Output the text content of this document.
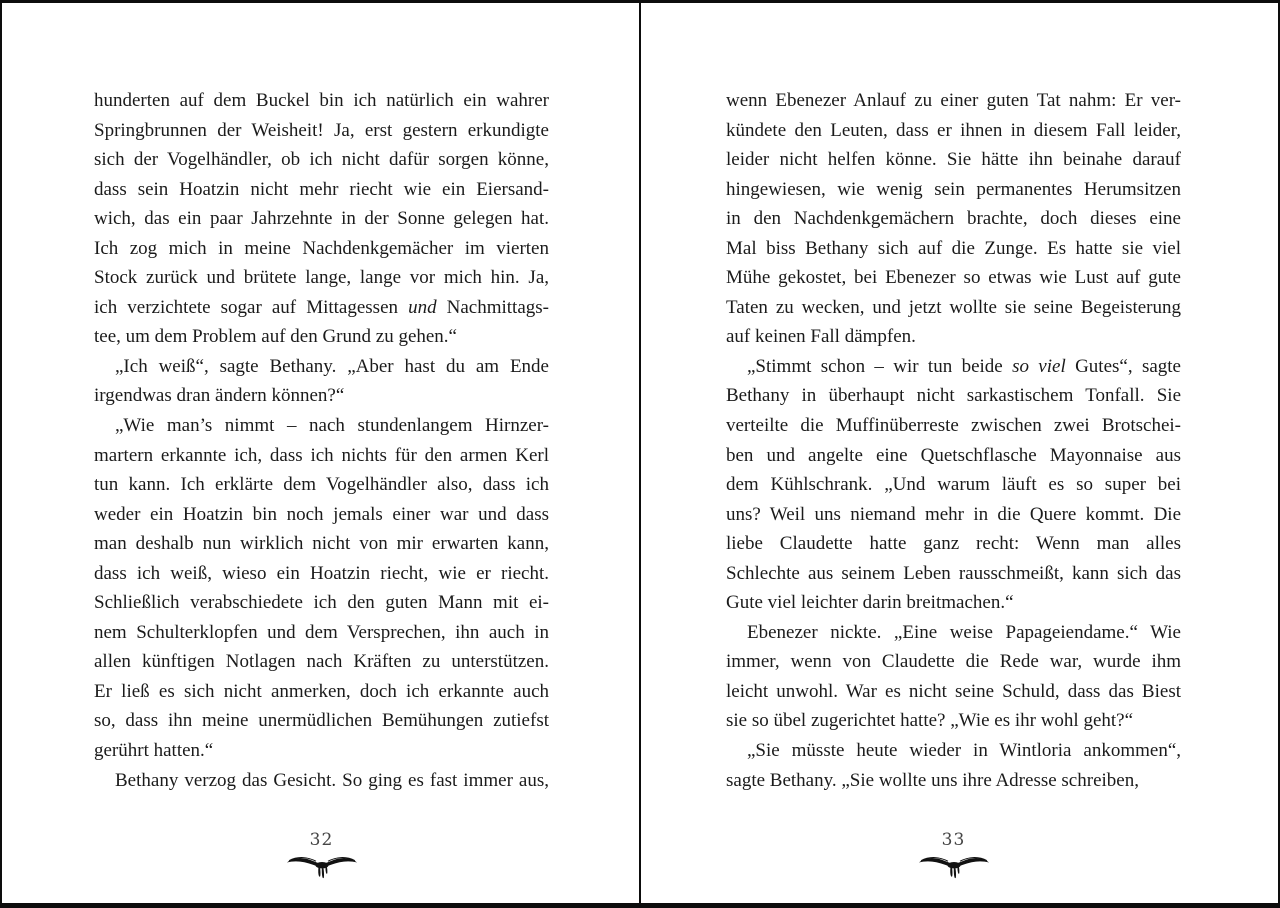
hunderten auf dem Buckel bin ich natürlich ein wahrer
Springbrunnen der Weisheit! Ja, erst gestern erkundigte
sich der Vogelhändler, ob ich nicht dafür sorgen könne,
dass sein Hoatzin nicht mehr riecht wie ein Eiersand-
wich, das ein paar Jahrzehnte in der Sonne gelegen hat.
Ich zog mich in meine Nachdenkgemächer im vierten
Stock zurück und brütete lange, lange vor mich hin. Ja,
ich verzichtete sogar auf Mittagessen und Nachmittags-
tee, um dem Problem auf den Grund zu gehen.“
„Ich weiß“, sagte Bethany. „Aber hast du am Ende
irgendwas dran ändern können?“
„Wie man’s nimmt – nach stundenlangem Hirnzer-
martern erkannte ich, dass ich nichts für den armen Kerl
tun kann. Ich erklärte dem Vogelhändler also, dass ich
weder ein Hoatzin bin noch jemals einer war und dass
man deshalb nun wirklich nicht von mir erwarten kann,
dass ich weiß, wieso ein Hoatzin riecht, wie er riecht.
Schließlich verabschiedete ich den guten Mann mit ei-
nem Schulterklopfen und dem Versprechen, ihn auch in
allen künftigen Notlagen nach Kräften zu unterstützen.
Er ließ es sich nicht anmerken, doch ich erkannte auch
so, dass ihn meine unermüdlichen Bemühungen zutiefst
gerührt hatten.“
Bethany verzog das Gesicht. So ging es fast immer aus,
32
wenn Ebenezer Anlauf zu einer guten Tat nahm: Er ver-
kündete den Leuten, dass er ihnen in diesem Fall leider,
leider nicht helfen könne. Sie hätte ihn beinahe darauf
hingewiesen, wie wenig sein permanentes Herumsitzen
in den Nachdenkgemächern brachte, doch dieses eine
Mal biss Bethany sich auf die Zunge. Es hatte sie viel
Mühe gekostet, bei Ebenezer so etwas wie Lust auf gute
Taten zu wecken, und jetzt wollte sie seine Begeisterung
auf keinen Fall dämpfen.
„Stimmt schon – wir tun beide so viel Gutes“, sagte
Bethany in überhaupt nicht sarkastischem Tonfall. Sie
verteilte die Muffinüberreste zwischen zwei Brotschei-
ben und angelte eine Quetschflasche Mayonnaise aus
dem Kühlschrank. „Und warum läuft es so super bei
uns? Weil uns niemand mehr in die Quere kommt. Die
liebe Claudette hatte ganz recht: Wenn man alles
Schlechte aus seinem Leben rausschmeißt, kann sich das
Gute viel leichter darin breitmachen.“
Ebenezer nickte. „Eine weise Papageiendame.“ Wie
immer, wenn von Claudette die Rede war, wurde ihm
leicht unwohl. War es nicht seine Schuld, dass das Biest
sie so übel zugerichtet hatte? „Wie es ihr wohl geht?“
„Sie müsste heute wieder in Wintloria ankommen“,
sagte Bethany. „Sie wollte uns ihre Adresse schreiben,
33
